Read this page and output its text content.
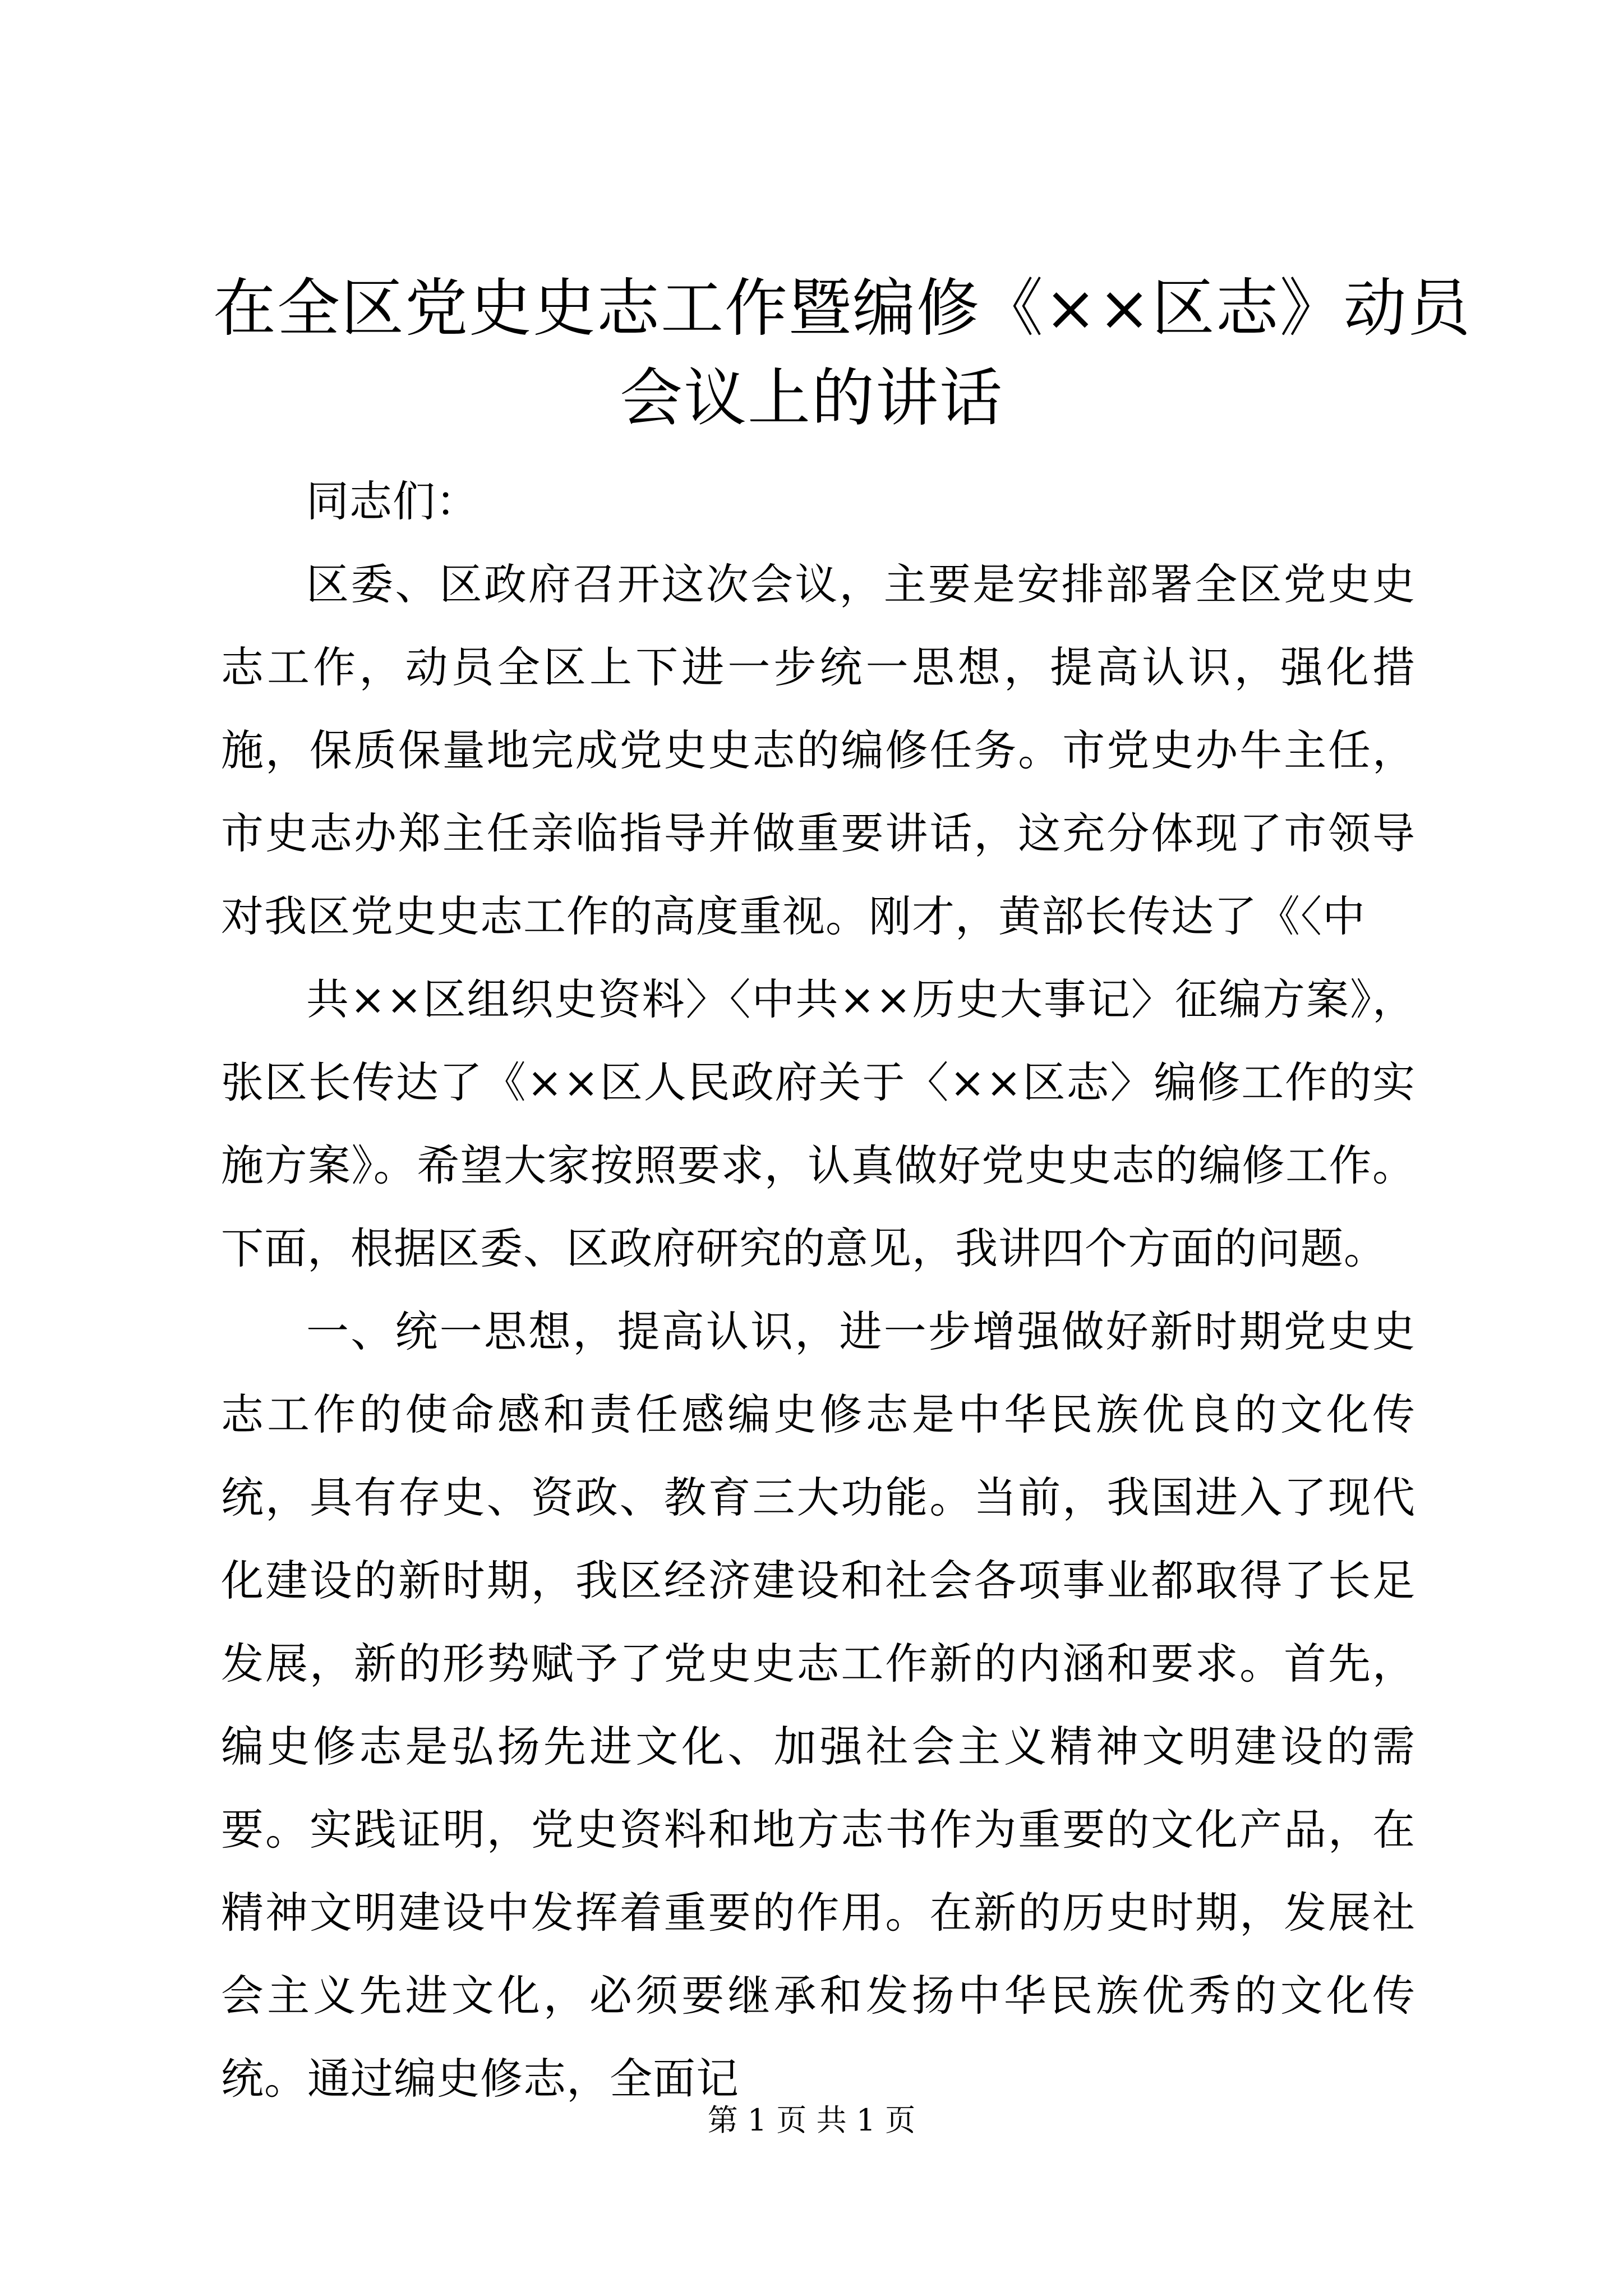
在全区党史史志工作暨编修《××区志》动员
会议上的讲话

同志们：

区委、区政府召开这次会议，主要是安排部署全区党史史志工作，动员全区上下进一步统一思想，提高认识，强化措施，保质保量地完成党史史志的编修任务。市党史办牛主任，市史志办郑主任亲临指导并做重要讲话，这充分体现了市领导对我区党史史志工作的高度重视。刚才，黄部长传达了《〈中

共××区组织史资料〉〈中共××历史大事记〉征编方案》，张区长传达了《××区人民政府关于〈××区志〉编修工作的实施方案》。希望大家按照要求，认真做好党史史志的编修工作。下面，根据区委、区政府研究的意见，我讲四个方面的问题。

一、统一思想，提高认识，进一步增强做好新时期党史史志工作的使命感和责任感编史修志是中华民族优良的文化传统，具有存史、资政、教育三大功能。当前，我国进入了现代化建设的新时期，我区经济建设和社会各项事业都取得了长足发展，新的形势赋予了党史史志工作新的内涵和要求。首先，编史修志是弘扬先进文化、加强社会主义精神文明建设的需要。实践证明，党史资料和地方志书作为重要的文化产品，在精神文明建设中发挥着重要的作用。在新的历史时期，发展社会主义先进文化，必须要继承和发扬中华民族优秀的文化传统。通过编史修志，全面记

第 1 页 共 1 页
